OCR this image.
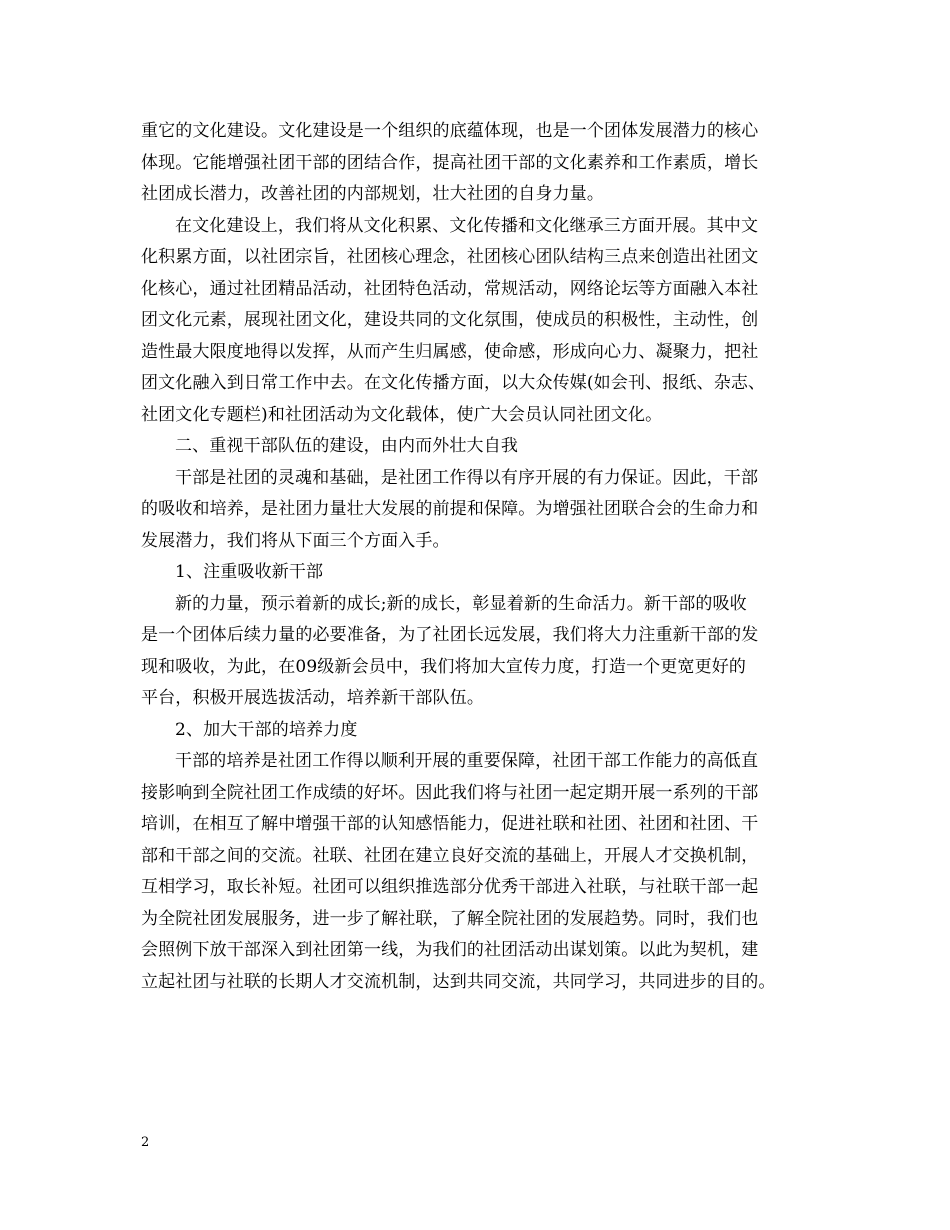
重它的文化建设。文化建设是一个组织的底蕴体现，也是一个团体发展潜力的核心
体现。它能增强社团干部的团结合作，提高社团干部的文化素养和工作素质，增长
社团成长潜力，改善社团的内部规划，壮大社团的自身力量。
在文化建设上，我们将从文化积累、文化传播和文化继承三方面开展。其中文
化积累方面，以社团宗旨，社团核心理念，社团核心团队结构三点来创造出社团文
化核心，通过社团精品活动，社团特色活动，常规活动，网络论坛等方面融入本社
团文化元素，展现社团文化，建设共同的文化氛围，使成员的积极性，主动性，创
造性最大限度地得以发挥，从而产生归属感，使命感，形成向心力、凝聚力，把社
团文化融入到日常工作中去。在文化传播方面，以大众传媒(如会刊、报纸、杂志、
社团文化专题栏)和社团活动为文化载体，使广大会员认同社团文化。
二、重视干部队伍的建设，由内而外壮大自我
干部是社团的灵魂和基础，是社团工作得以有序开展的有力保证。因此，干部
的吸收和培养，是社团力量壮大发展的前提和保障。为增强社团联合会的生命力和
发展潜力，我们将从下面三个方面入手。
1、注重吸收新干部
新的力量，预示着新的成长;新的成长，彰显着新的生命活力。新干部的吸收
是一个团体后续力量的必要准备，为了社团长远发展，我们将大力注重新干部的发
现和吸收，为此，在09级新会员中，我们将加大宣传力度，打造一个更宽更好的
平台，积极开展选拔活动，培养新干部队伍。
2、加大干部的培养力度
干部的培养是社团工作得以顺利开展的重要保障，社团干部工作能力的高低直
接影响到全院社团工作成绩的好坏。因此我们将与社团一起定期开展一系列的干部
培训，在相互了解中增强干部的认知感悟能力，促进社联和社团、社团和社团、干
部和干部之间的交流。社联、社团在建立良好交流的基础上，开展人才交换机制，
互相学习，取长补短。社团可以组织推选部分优秀干部进入社联，与社联干部一起
为全院社团发展服务，进一步了解社联，了解全院社团的发展趋势。同时，我们也
会照例下放干部深入到社团第一线，为我们的社团活动出谋划策。以此为契机，建
立起社团与社联的长期人才交流机制，达到共同交流，共同学习，共同进步的目的。
2
